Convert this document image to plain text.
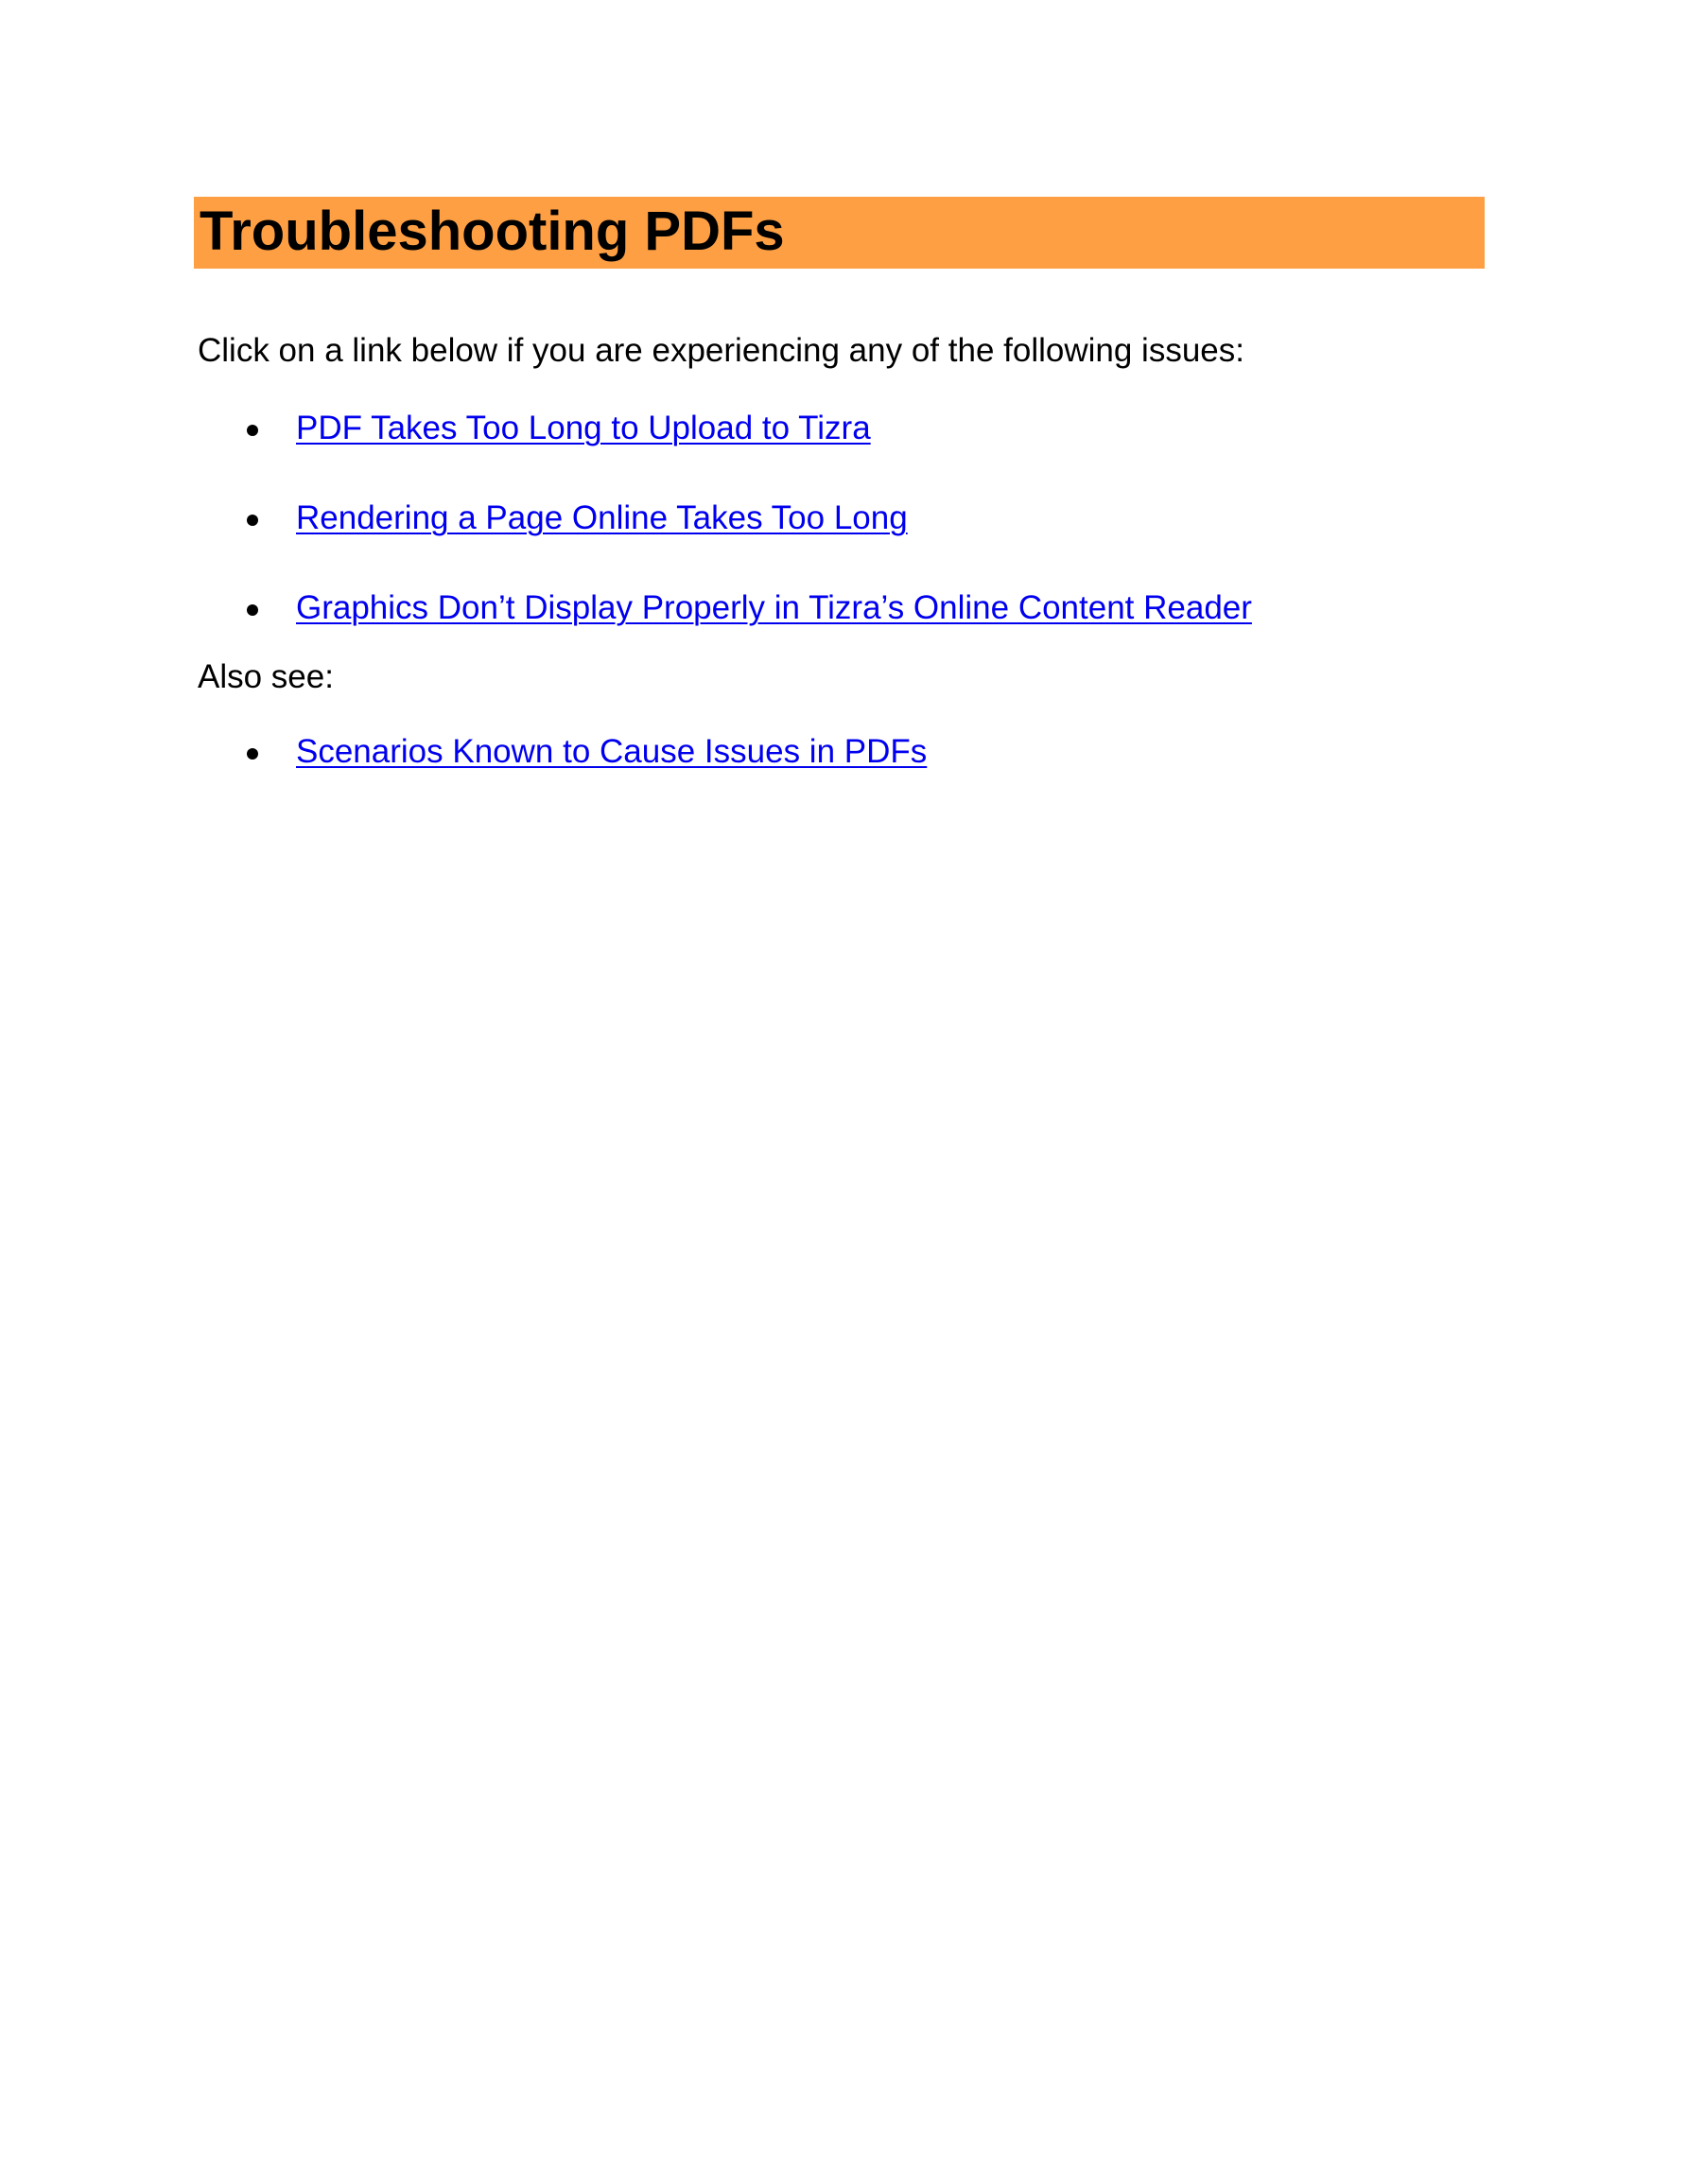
Troubleshooting PDFs

Click on a link below if you are experiencing any of the following issues:

PDF Takes Too Long to Upload to Tizra
Rendering a Page Online Takes Too Long
Graphics Don’t Display Properly in Tizra’s Online Content Reader

Also see:

Scenarios Known to Cause Issues in PDFs
